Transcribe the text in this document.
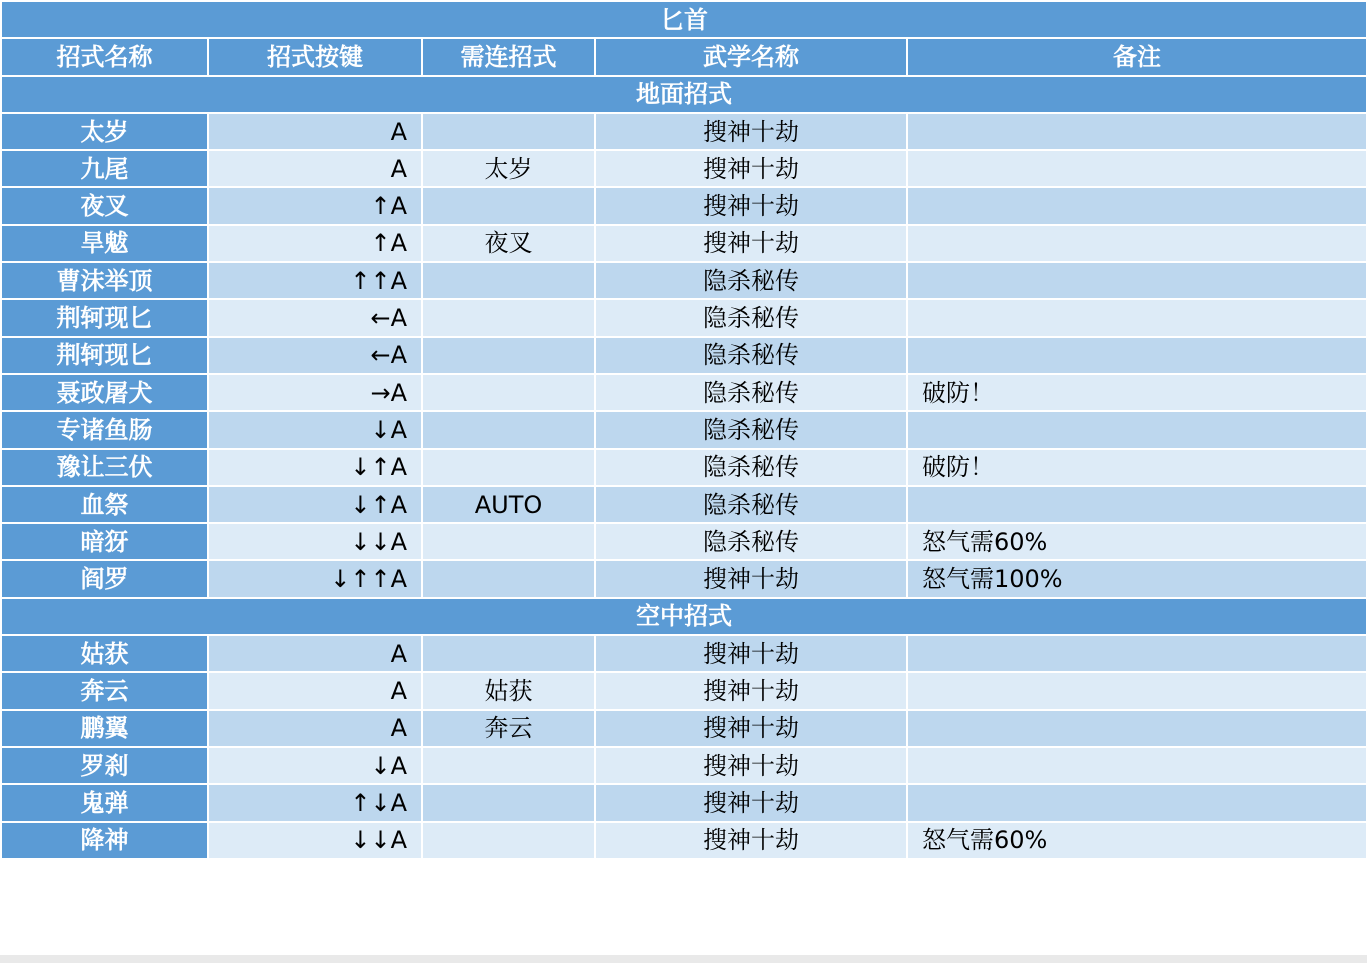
匕首				
招式名称	招式按键	需连招式	武学名称	备注
地面招式				
太岁	A		搜神十劫	
九尾	A	太岁	搜神十劫	
夜叉	↑A		搜神十劫	
旱魃	↑A	夜叉	搜神十劫	
曹沫举顶	↑↑A		隐杀秘传	
荆轲现匕	←A		隐杀秘传	
荆轲现匕	←A		隐杀秘传	
聂政屠犬	→A		隐杀秘传	破防！
专诸鱼肠	↓A		隐杀秘传	
豫让三伏	↓↑A		隐杀秘传	破防！
血祭	↓↑A	AUTO	隐杀秘传	
暗犽	↓↓A		隐杀秘传	怒气需60%
阎罗	↓↑↑A		搜神十劫	怒气需100%
空中招式				
姑获	A		搜神十劫	
奔云	A	姑获	搜神十劫	
鹏翼	A	奔云	搜神十劫	
罗刹	↓A		搜神十劫	
鬼弹	↑↓A		搜神十劫	
降神	↓↓A		搜神十劫	怒气需60%
